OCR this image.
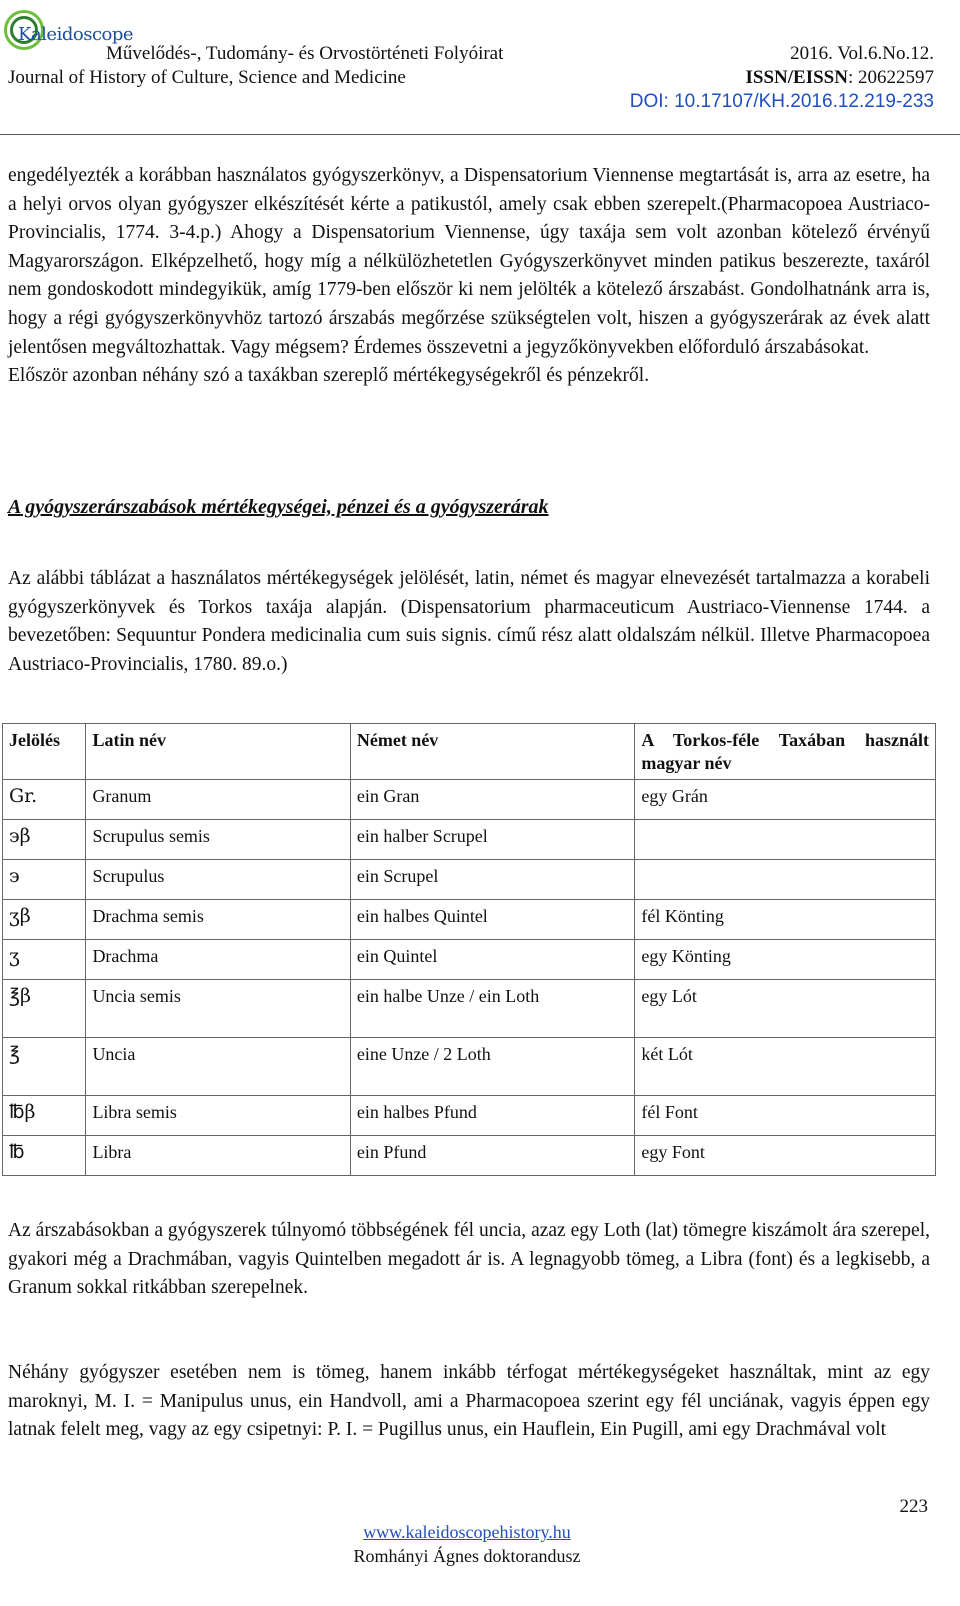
Kaleidoscope
Művelődés-, Tudomány- és Orvostörténeti Folyóirat
Journal of History of Culture, Science and Medicine
2016. Vol.6.No.12.
ISSN/EISSN: 20622597
DOI: 10.17107/KH.2016.12.219-233
engedélyezték a korábban használatos gyógyszerkönyv, a Dispensatorium Viennense megtartását is, arra az esetre, ha a helyi orvos olyan gyógyszer elkészítését kérte a patikustól, amely csak ebben szerepelt.(Pharmacopoea Austriaco-Provincialis, 1774. 3-4.p.) Ahogy a Dispensatorium Viennense, úgy taxája sem volt azonban kötelező érvényű Magyarországon. Elképzelhető, hogy míg a nélkülözhetetlen Gyógyszerkönyvet minden patikus beszerezte, taxáról nem gondoskodott mindegyikük, amíg 1779-ben először ki nem jelölték a kötelező árszabást. Gondolhatnánk arra is, hogy a régi gyógyszerkönyvhöz tartozó árszabás megőrzése szükségtelen volt, hiszen a gyógyszerárak az évek alatt jelentősen megváltozhattak. Vagy mégsem? Érdemes összevetni a jegyzőkönyvekben előforduló árszabásokat.
Először azonban néhány szó a taxákban szereplő mértékegységekről és pénzekről.
A gyógyszerárszabások mértékegységei, pénzei és a gyógyszerárak

Az alábbi táblázat a használatos mértékegységek jelölését, latin, német és magyar elnevezését tartalmazza a korabeli gyógyszerkönyvek és Torkos taxája alapján. (Dispensatorium pharmaceuticum Austriaco-Viennense 1744. a bevezetőben: Sequuntur Pondera medicinalia cum suis signis. című rész alatt oldalszám nélkül. Illetve Pharmacopoea Austriaco-Provincialis, 1780. 89.o.)

Jelölés	Latin név	Német név	A Torkos-féle Taxában használt magyar név
Gr.	Granum	ein Gran	egy Grán
϶β	Scrupulus semis	ein halber Scrupel	
϶	Scrupulus	ein Scrupel	
ʒβ	Drachma semis	ein halbes Quintel	fél Könting
ʒ	Drachma	ein Quintel	egy Könting
℥β	Uncia semis	ein halbe Unze / ein Loth	egy Lót
℥	Uncia	eine Unze / 2 Loth	két Lót
℔β	Libra semis	ein halbes Pfund	fél Font
℔	Libra	ein Pfund	egy Font

Az árszabásokban a gyógyszerek túlnyomó többségének fél uncia, azaz egy Loth (lat) tömegre kiszámolt ára szerepel, gyakori még a Drachmában, vagyis Quintelben megadott ár is. A legnagyobb tömeg, a Libra (font) és a legkisebb, a Granum sokkal ritkábban szerepelnek.

Néhány gyógyszer esetében nem is tömeg, hanem inkább térfogat mértékegységeket használtak, mint az egy maroknyi, M. I. = Manipulus unus, ein Handvoll, ami a Pharmacopoea szerint egy fél unciának, vagyis éppen egy latnak felelt meg, vagy az egy csipetnyi: P. I. = Pugillus unus, ein Hauflein, Ein Pugill, ami egy Drachmával volt

223
www.kaleidoscopehistory.hu
Romhányi Ágnes doktorandusz
